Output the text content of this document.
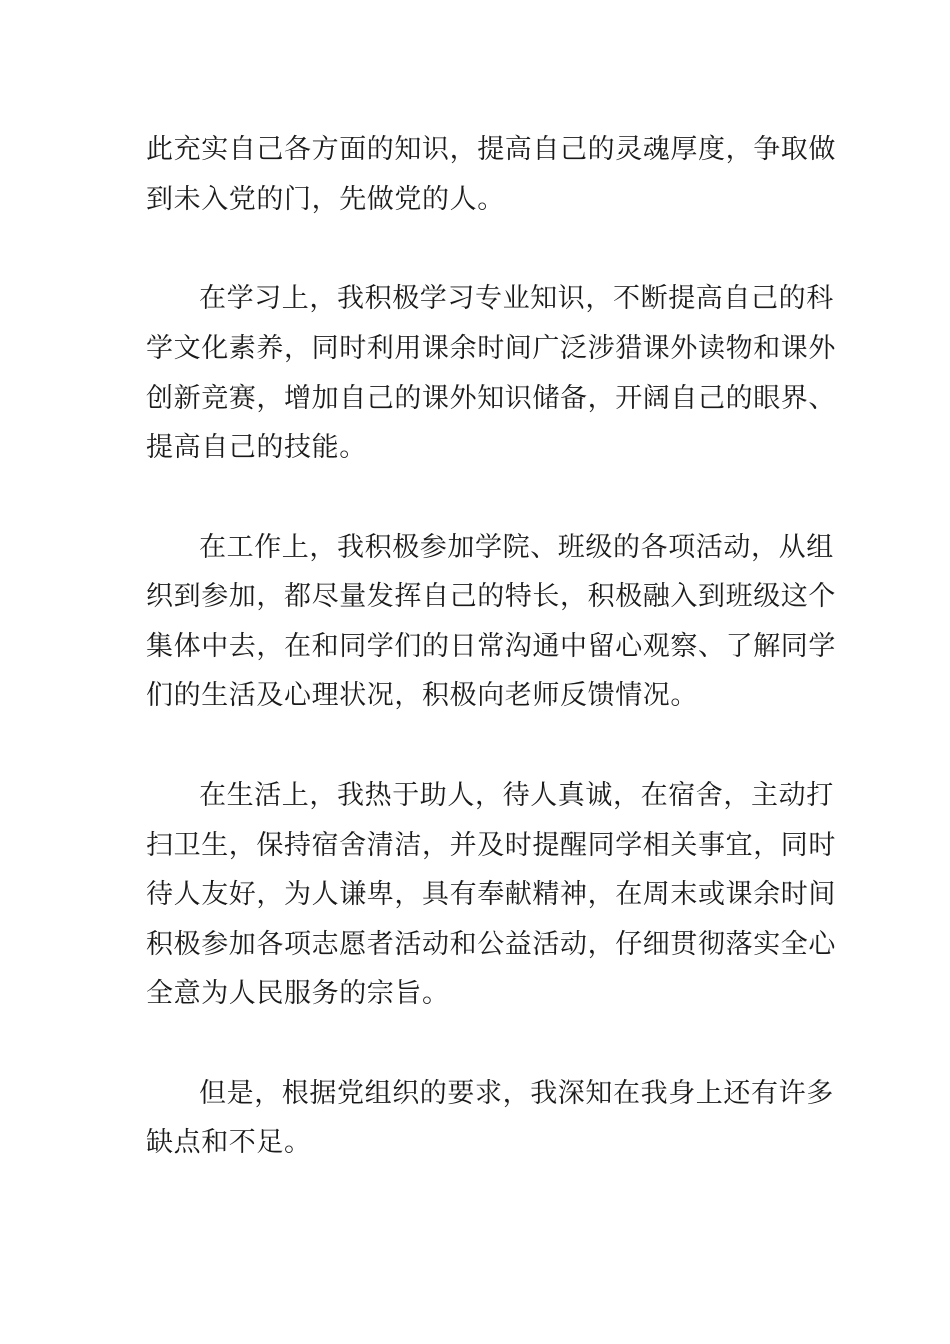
此充实自己各方面的知识，提高自己的灵魂厚度，争取做
到未入党的门，先做党的人。
在学习上，我积极学习专业知识，不断提高自己的科
学文化素养，同时利用课余时间广泛涉猎课外读物和课外
创新竞赛，增加自己的课外知识储备，开阔自己的眼界、
提高自己的技能。
在工作上，我积极参加学院、班级的各项活动，从组
织到参加，都尽量发挥自己的特长，积极融入到班级这个
集体中去，在和同学们的日常沟通中留心观察、了解同学
们的生活及心理状况，积极向老师反馈情况。
在生活上，我热于助人，待人真诚，在宿舍，主动打
扫卫生，保持宿舍清洁，并及时提醒同学相关事宜，同时
待人友好，为人谦卑，具有奉献精神，在周末或课余时间
积极参加各项志愿者活动和公益活动，仔细贯彻落实全心
全意为人民服务的宗旨。
但是，根据党组织的要求，我深知在我身上还有许多
缺点和不足。
